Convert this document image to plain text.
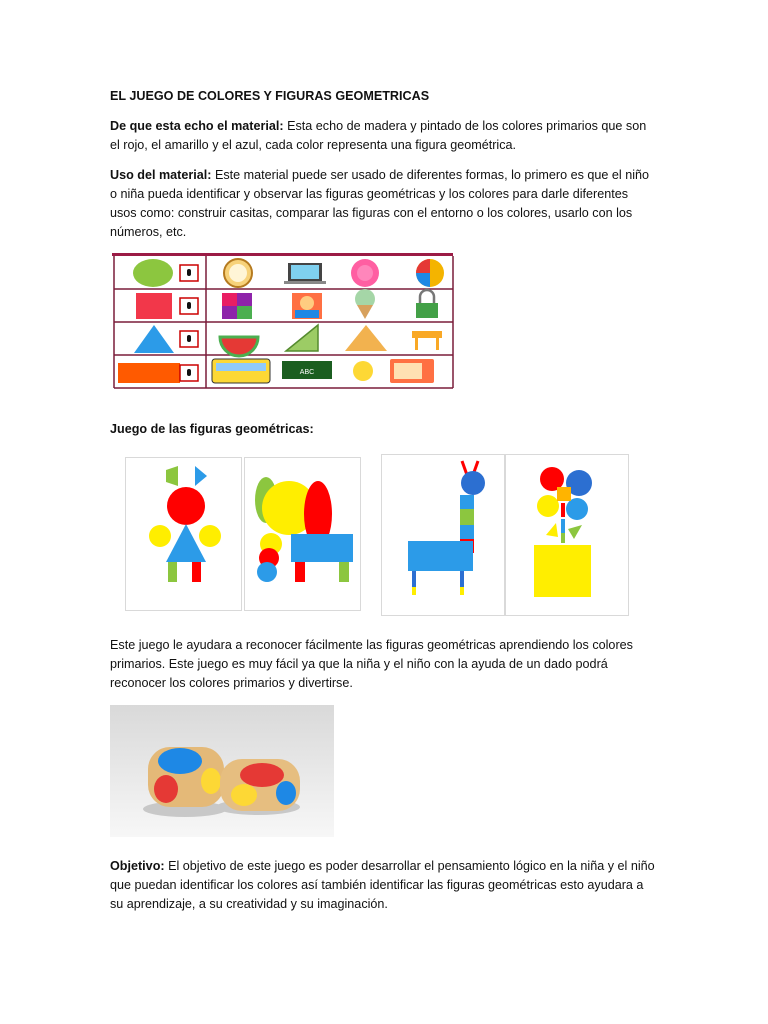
EL JUEGO DE COLORES Y FIGURAS GEOMETRICAS

De que esta echo el material: Esta echo de madera y pintado de los colores primarios que son el rojo, el amarillo y el azul, cada color representa una figura geométrica.

Uso del material: Este material puede ser usado de diferentes formas, lo primero es que el niño o niña pueda identificar y observar las figuras geométricas y los colores para darle diferentes usos como: construir casitas, comparar las figuras con el entorno o los colores, usarlo con los números, etc.

ABC

Juego de las figuras geométricas:

Este juego le ayudara a reconocer fácilmente las figuras geométricas aprendiendo los colores primarios. Este juego es muy fácil ya que la niña y el niño con la ayuda de un dado podrá reconocer los colores primarios y divertirse.

Objetivo: El objetivo de este juego es poder desarrollar el pensamiento lógico en la niña y el niño que puedan identificar los colores así también identificar las figuras geométricas esto ayudara a su aprendizaje, a su creatividad y su imaginación.
